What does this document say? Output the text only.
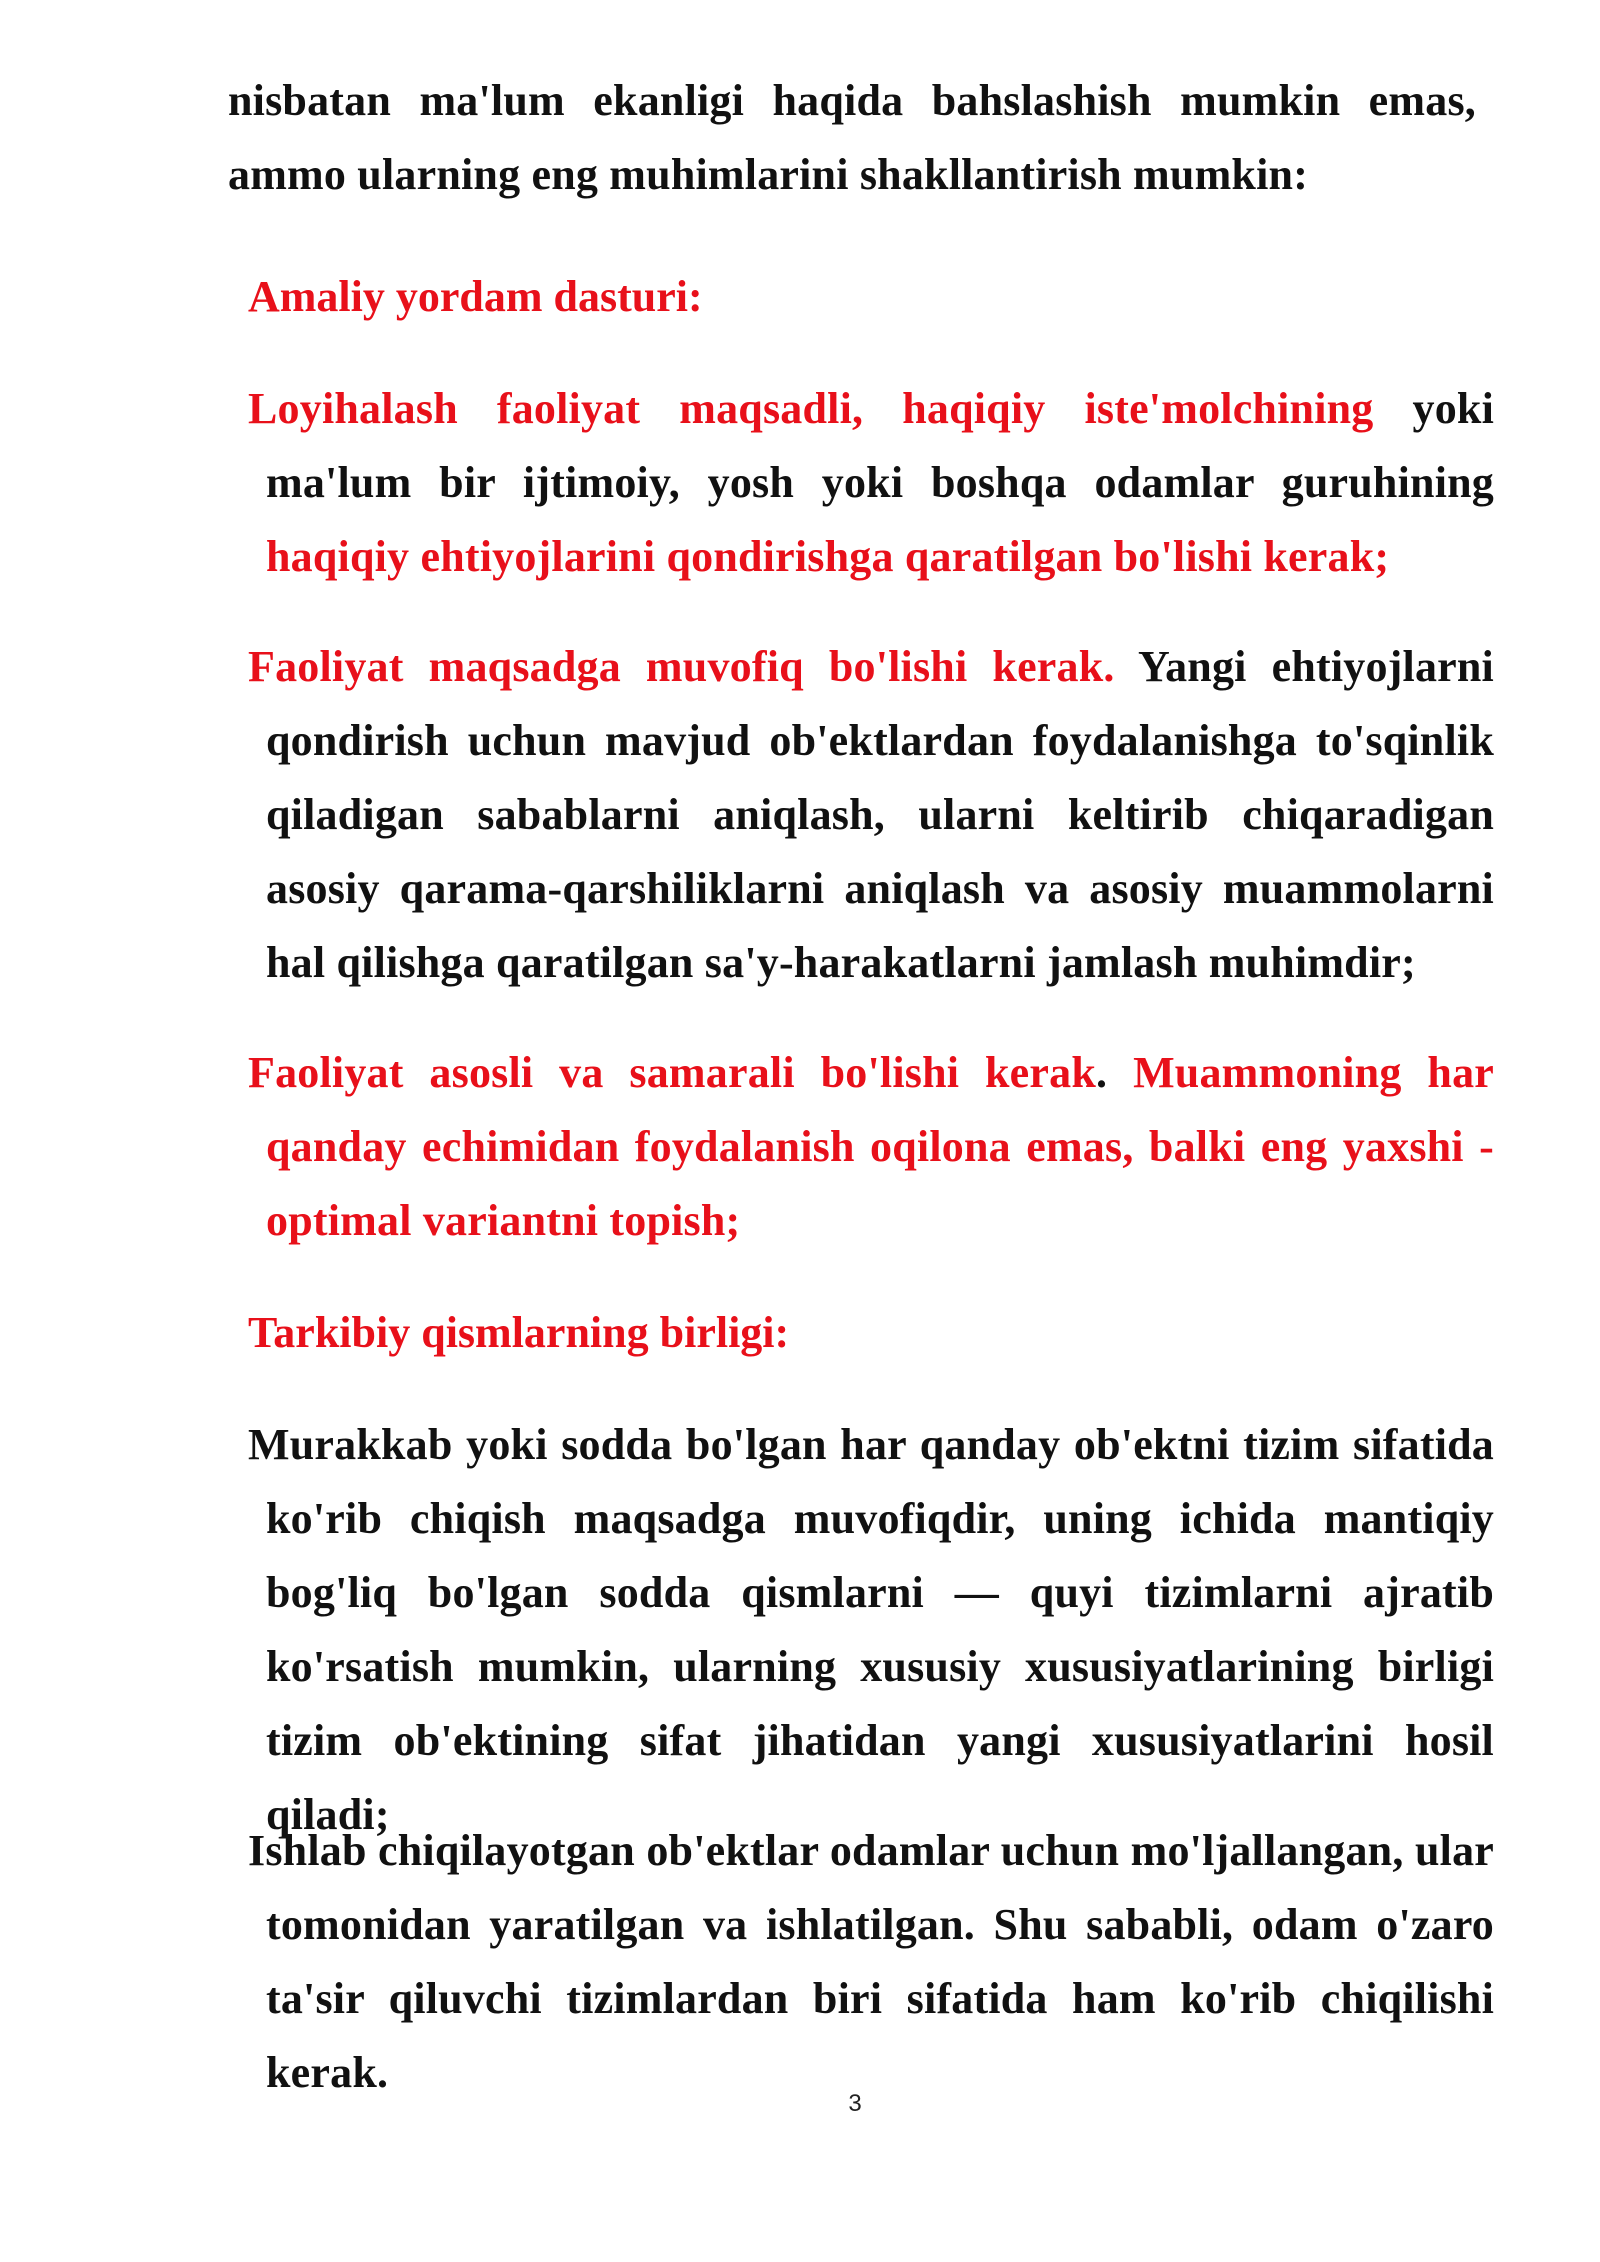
nisbatan ma'lum ekanligi haqida bahslashish mumkin emas, ammo ularning eng muhimlarini shakllantirish mumkin:

Amaliy yordam dasturi:

Loyihalash faoliyat maqsadli, haqiqiy iste'molchining yoki ma'lum bir ijtimoiy, yosh yoki boshqa odamlar guruhining haqiqiy ehtiyojlarini qondirishga qaratilgan bo'lishi kerak;

Faoliyat maqsadga muvofiq bo'lishi kerak. Yangi ehtiyojlarni qondirish uchun mavjud ob'ektlardan foydalanishga to'sqinlik qiladigan sabablarni aniqlash, ularni keltirib chiqaradigan asosiy qarama-qarshiliklarni aniqlash va asosiy muammolarni hal qilishga qaratilgan sa'y-harakatlarni jamlash muhimdir;

Faoliyat asosli va samarali bo'lishi kerak. Muammoning har qanday echimidan foydalanish oqilona emas, balki eng yaxshi -optimal variantni topish;

Tarkibiy qismlarning birligi:

Murakkab yoki sodda bo'lgan har qanday ob'ektni tizim sifatida ko'rib chiqish maqsadga muvofiqdir, uning ichida mantiqiy bog'liq bo'lgan sodda qismlarni — quyi tizimlarni ajratib ko'rsatish mumkin, ularning xususiy xususiyatlarining birligi tizim ob'ektining sifat jihatidan yangi xususiyatlarini hosil qiladi;

Ishlab chiqilayotgan ob'ektlar odamlar uchun mo'ljallangan, ular tomonidan yaratilgan va ishlatilgan. Shu sababli, odam o'zaro ta'sir qiluvchi tizimlardan biri sifatida ham ko'rib chiqilishi kerak.

3
